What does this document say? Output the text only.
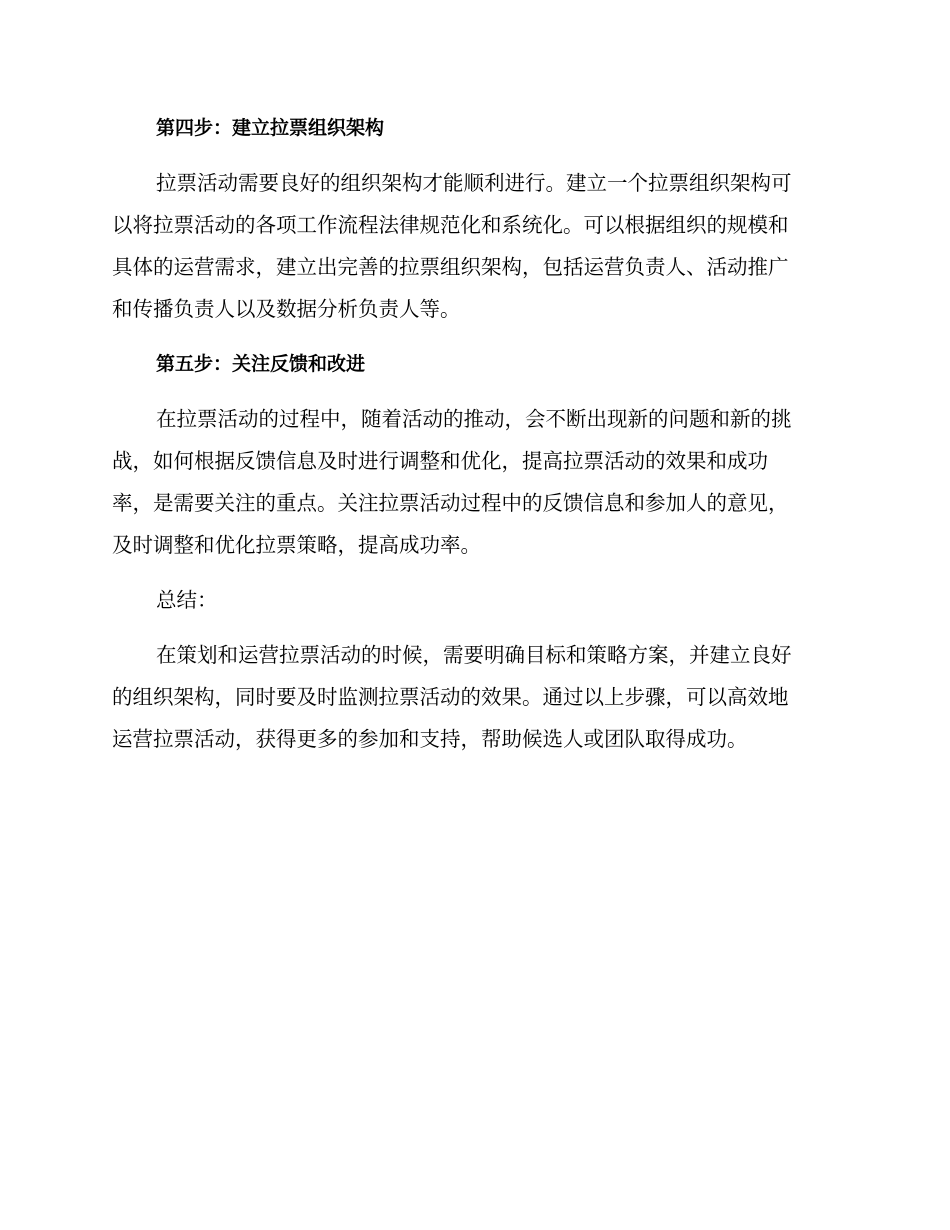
第四步：建立拉票组织架构
拉票活动需要良好的组织架构才能顺利进行。建立一个拉票组织架构可
以将拉票活动的各项工作流程法律规范化和系统化。可以根据组织的规模和
具体的运营需求，建立出完善的拉票组织架构，包括运营负责人、活动推广
和传播负责人以及数据分析负责人等。
第五步：关注反馈和改进
在拉票活动的过程中，随着活动的推动，会不断出现新的问题和新的挑
战，如何根据反馈信息及时进行调整和优化，提高拉票活动的效果和成功
率，是需要关注的重点。关注拉票活动过程中的反馈信息和参加人的意见，
及时调整和优化拉票策略，提高成功率。
总结：
在策划和运营拉票活动的时候，需要明确目标和策略方案，并建立良好
的组织架构，同时要及时监测拉票活动的效果。通过以上步骤，可以高效地
运营拉票活动，获得更多的参加和支持，帮助候选人或团队取得成功。
